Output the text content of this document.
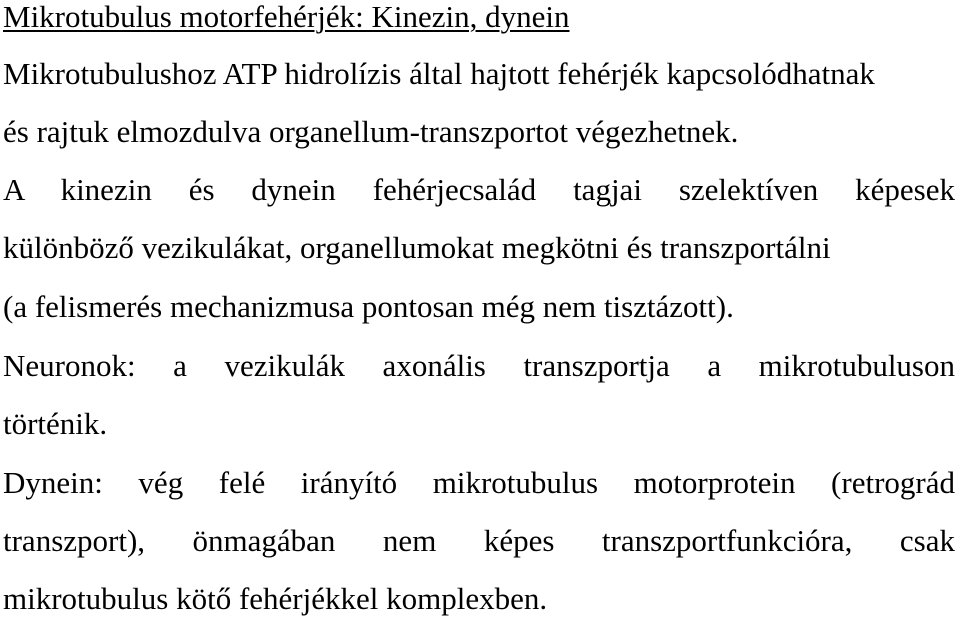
Mikrotubulus motorfehérjék: Kinezin, dynein

Mikrotubulushoz ATP hidrolízis által hajtott fehérjék kapcsolódhatnak

és rajtuk elmozdulva organellum-transzportot végezhetnek.

A kinezin és dynein fehérjecsalád tagjai szelektíven képesek

különböző vezikulákat, organellumokat megkötni és transzportálni

(a felismerés mechanizmusa pontosan még nem tisztázott).

Neuronok: a vezikulák axonális transzportja a mikrotubuluson

történik.

Dynein: vég felé irányító mikrotubulus motorprotein (retrográd

transzport), önmagában nem képes transzportfunkcióra, csak

mikrotubulus kötő fehérjékkel komplexben.
